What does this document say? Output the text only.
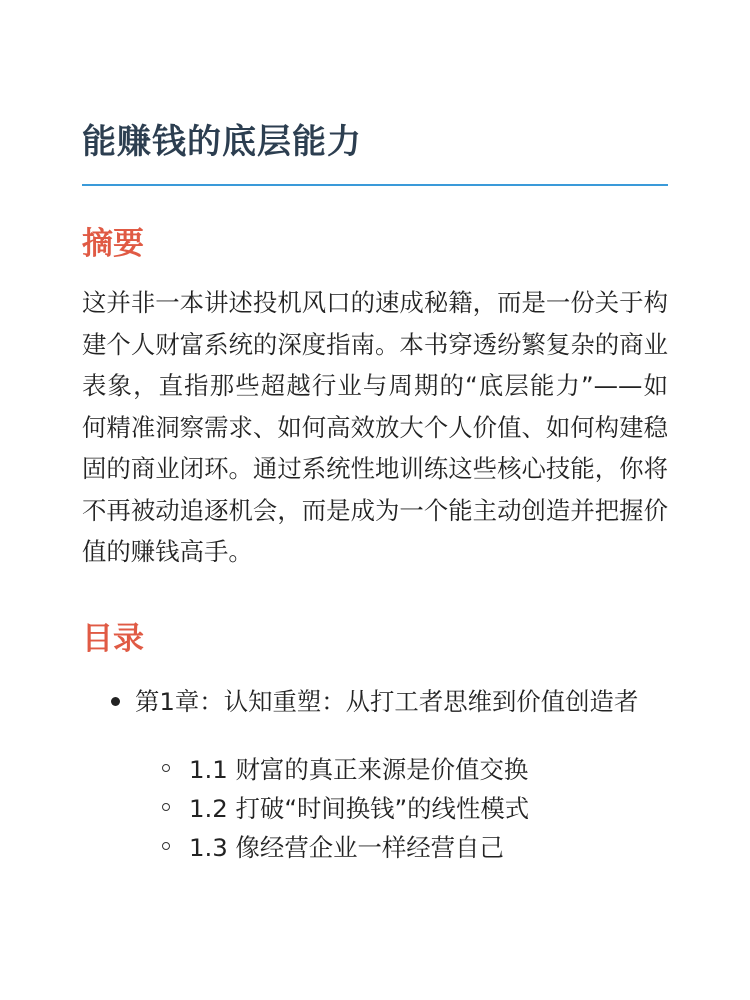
能赚钱的底层能力
摘要

这并非一本讲述投机风口的速成秘籍，而是一份关于构建个人财富系统的深度指南。本书穿透纷繁复杂的商业表象，直指那些超越行业与周期的“底层能力”——如何精准洞察需求、如何高效放大个人价值、如何构建稳固的商业闭环。通过系统性地训练这些核心技能，你将不再被动追逐机会，而是成为一个能主动创造并把握价值的赚钱高手。

目录
第1章：认知重塑：从打工者思维到价值创造者
1.1 财富的真正来源是价值交换
1.2 打破“时间换钱”的线性模式
1.3 像经营企业一样经营自己
